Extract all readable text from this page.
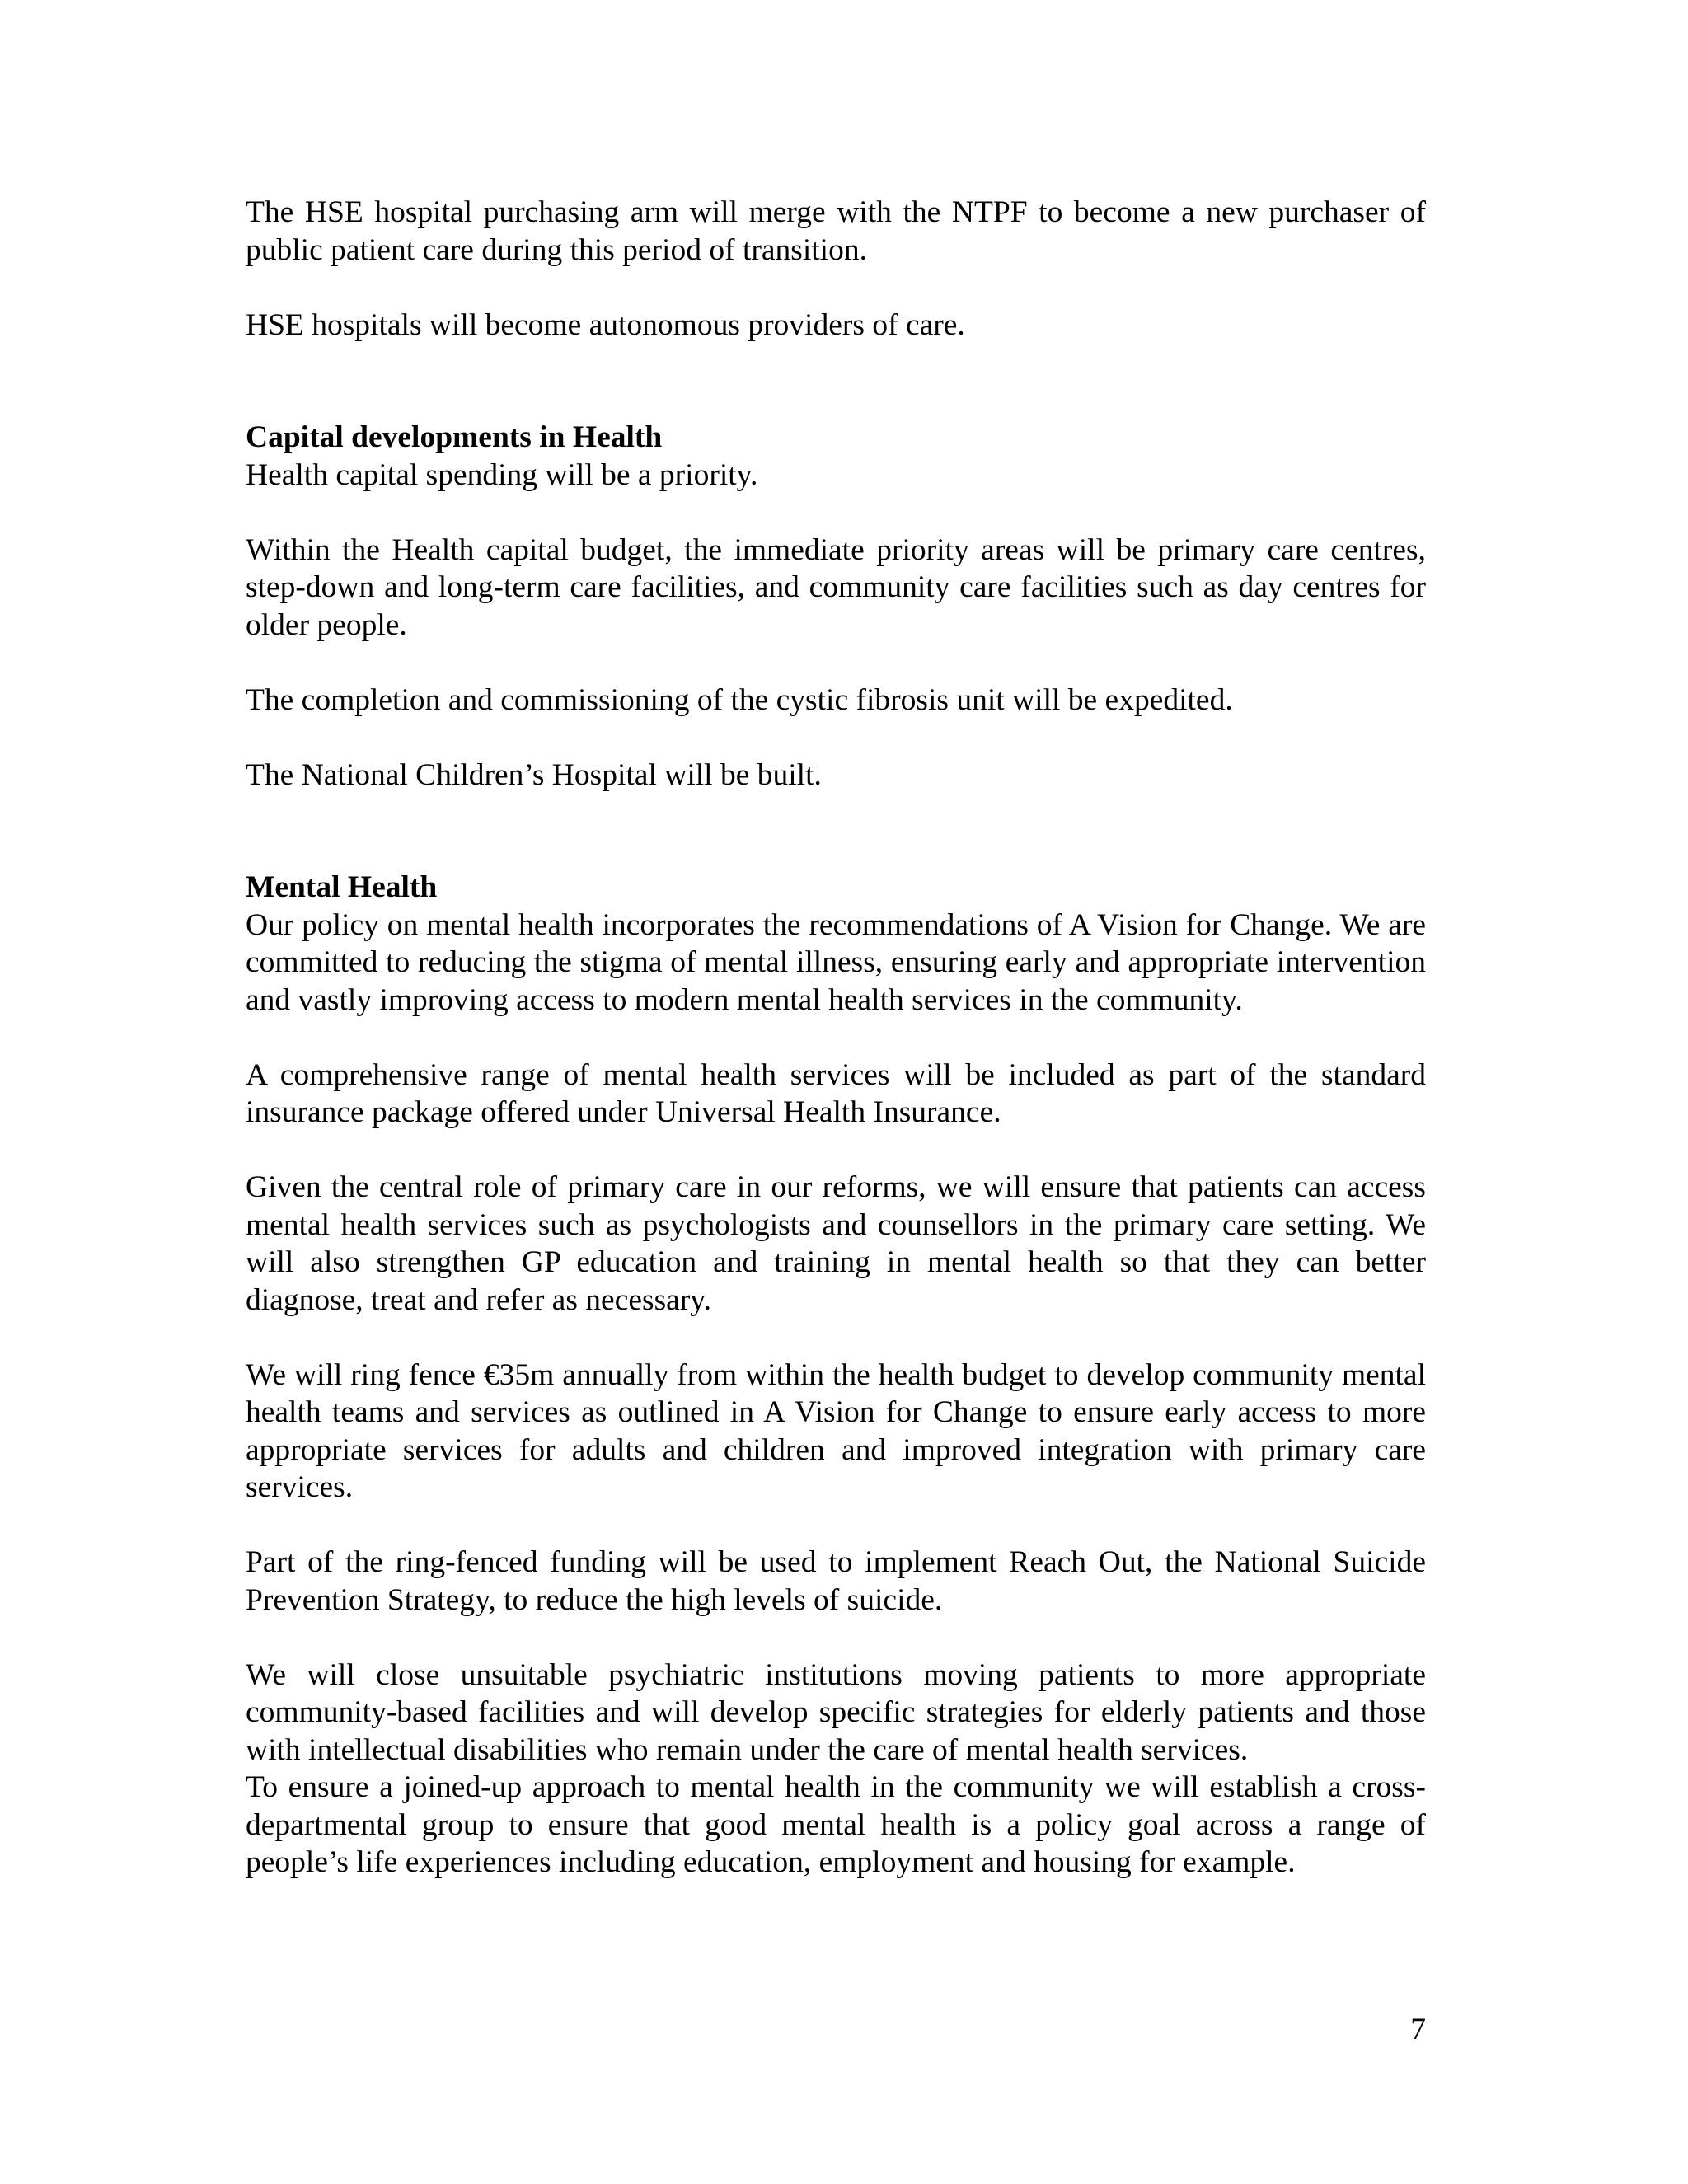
The HSE hospital purchasing arm will merge with the NTPF to become a new purchaser of public patient care during this period of transition.

HSE hospitals will become autonomous providers of care.

Capital developments in Health

Health capital spending will be a priority.

Within the Health capital budget, the immediate priority areas will be primary care centres, step-down and long-term care facilities, and community care facilities such as day centres for older people.

The completion and commissioning of the cystic fibrosis unit will be expedited.

The National Children’s Hospital will be built.

Mental Health

Our policy on mental health incorporates the recommendations of A Vision for Change. We are committed to reducing the stigma of mental illness, ensuring early and appropriate intervention and vastly improving access to modern mental health services in the community.

A comprehensive range of mental health services will be included as part of the standard insurance package offered under Universal Health Insurance.

Given the central role of primary care in our reforms, we will ensure that patients can access mental health services such as psychologists and counsellors in the primary care setting. We will also strengthen GP education and training in mental health so that they can better diagnose, treat and refer as necessary.

We will ring fence €35m annually from within the health budget to develop community mental health teams and services as outlined in A Vision for Change to ensure early access to more appropriate services for adults and children and improved integration with primary care services.

Part of the ring-fenced funding will be used to implement Reach Out, the National Suicide Prevention Strategy, to reduce the high levels of suicide.

We will close unsuitable psychiatric institutions moving patients to more appropriate community-based facilities and will develop specific strategies for elderly patients and those with intellectual disabilities who remain under the care of mental health services.

To ensure a joined-up approach to mental health in the community we will establish a cross-departmental group to ensure that good mental health is a policy goal across a range of people’s life experiences including education, employment and housing for example.

7
